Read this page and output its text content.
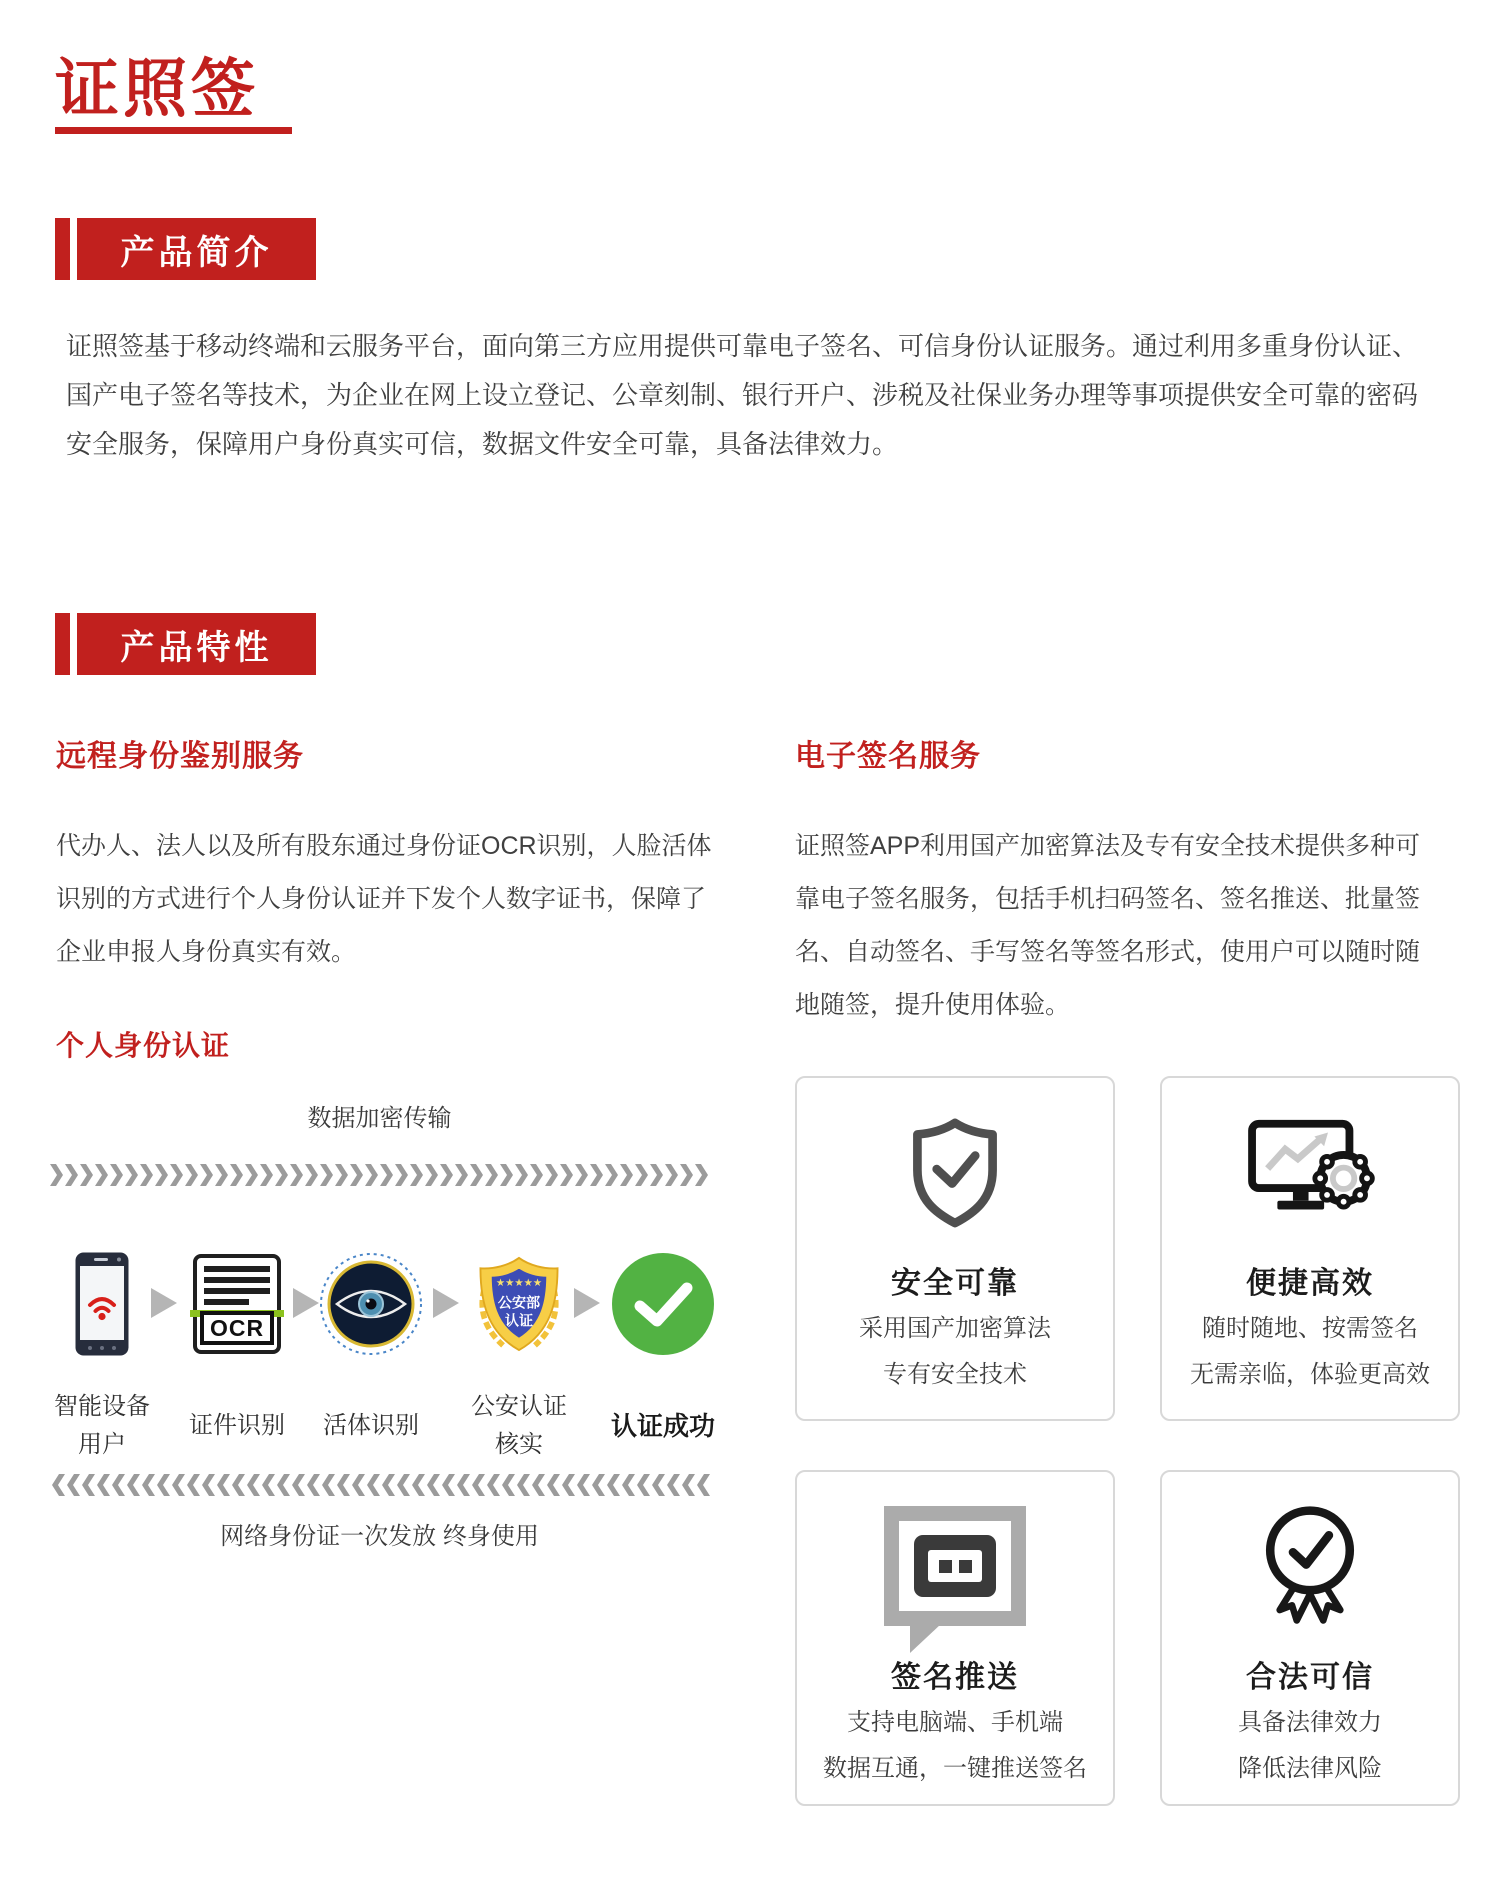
证照签
产品简介
证照签基于移动终端和云服务平台，面向第三方应用提供可靠电子签名、可信身份认证服务。通过利用多重身份认证、国产电子签名等技术，为企业在网上设立登记、公章刻制、银行开户、涉税及社保业务办理等事项提供安全可靠的密码安全服务，保障用户身份真实可信，数据文件安全可靠，具备法律效力。
产品特性
远程身份鉴别服务	电子签名服务
代办人、法人以及所有股东通过身份证OCR识别，人脸活体识别的方式进行个人身份认证并下发个人数字证书，保障了企业申报人身份真实有效。
证照签APP利用国产加密算法及专有安全技术提供多种可靠电子签名服务，包括手机扫码签名、签名推送、批量签名、自动签名、手写签名等签名形式，使用户可以随时随地随签，提升使用体验。
个人身份认证
数据加密传输
OCR
★★★★★
公安部
认证
智能设备
用户
证件识别	活体识别
公安认证
核实
认证成功
网络身份证一次发放 终身使用
安全可靠
采用国产加密算法
专有安全技术
便捷高效
随时随地、按需签名
无需亲临，体验更高效
签名推送
支持电脑端、手机端
数据互通，一键推送签名
合法可信
具备法律效力
降低法律风险
